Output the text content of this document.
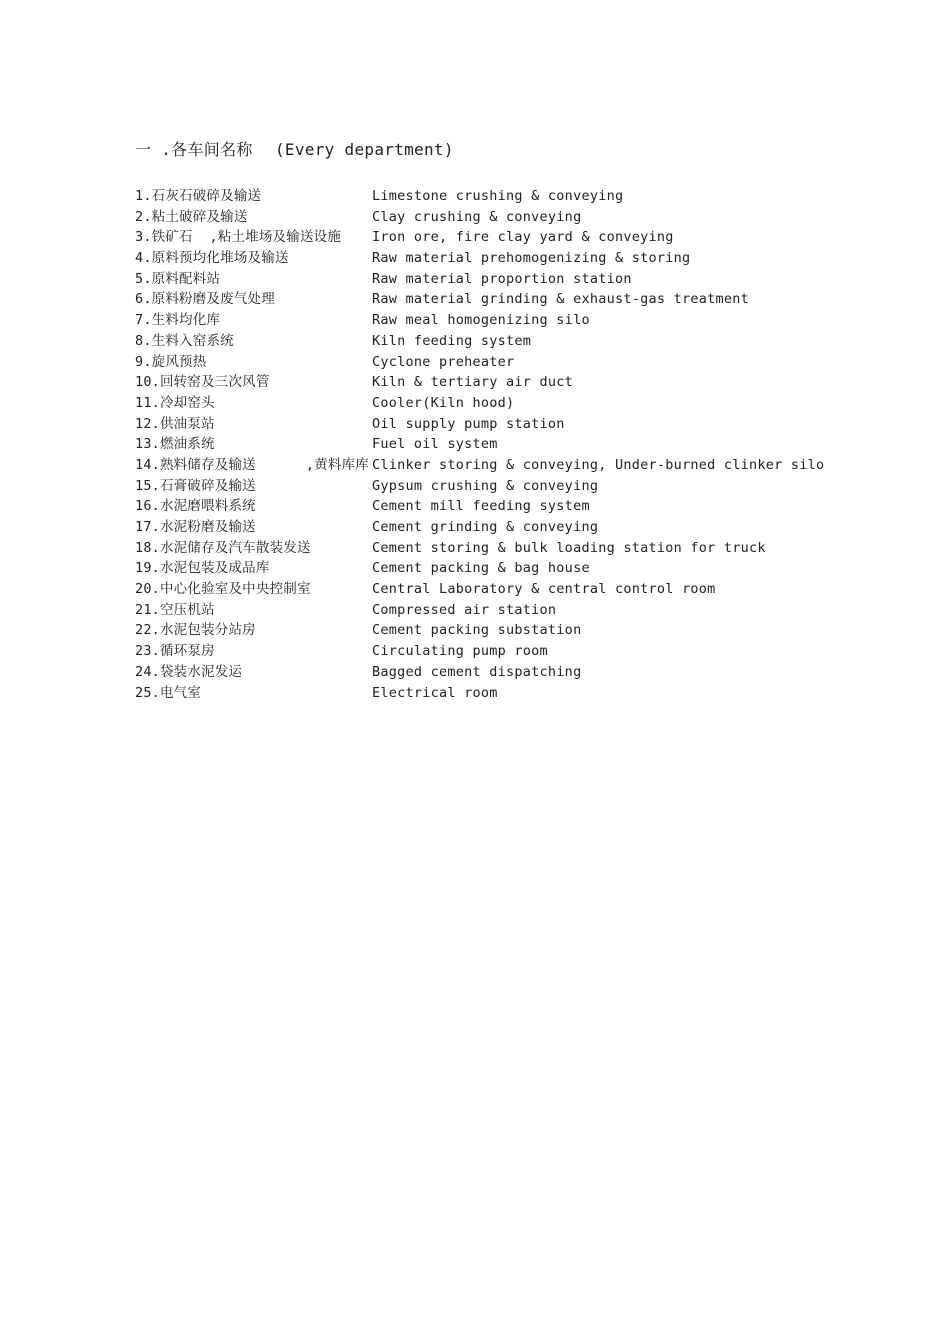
一 .各车间名称 (Every department)
1.石灰石破碎及输送	Limestone crushing & conveying
2.粘土破碎及输送	Clay crushing & conveying
3.铁矿石  ,粘土堆场及输送设施	Iron ore, fire clay yard & conveying
4.原料预均化堆场及输送	Raw material prehomogenizing & storing
5.原料配料站	Raw material proportion station
6.原料粉磨及废气处理	Raw material grinding & exhaust-gas treatment
7.生料均化库	Raw meal homogenizing silo
8.生料入窑系统	Kiln feeding system
9.旋风预热	Cyclone preheater
10.回转窑及三次风管	Kiln & tertiary air duct
11.冷却窑头	Cooler(Kiln hood)
12.供油泵站	Oil supply pump station
13.燃油系统	Fuel oil system
14.熟料储存及输送      ,黄料库库 Clinker storing & conveying, Under-burned clinker silo
15.石膏破碎及输送	Gypsum crushing & conveying
16.水泥磨喂料系统	Cement mill feeding system
17.水泥粉磨及输送	Cement grinding & conveying
18.水泥储存及汽车散装发送	Cement storing & bulk loading station for truck
19.水泥包装及成品库	Cement packing & bag house
20.中心化验室及中央控制室	Central Laboratory & central control room
21.空压机站	Compressed air station
22.水泥包装分站房	Cement packing substation
23.循环泵房	Circulating pump room
24.袋装水泥发运	Bagged cement dispatching
25.电气室	Electrical room
